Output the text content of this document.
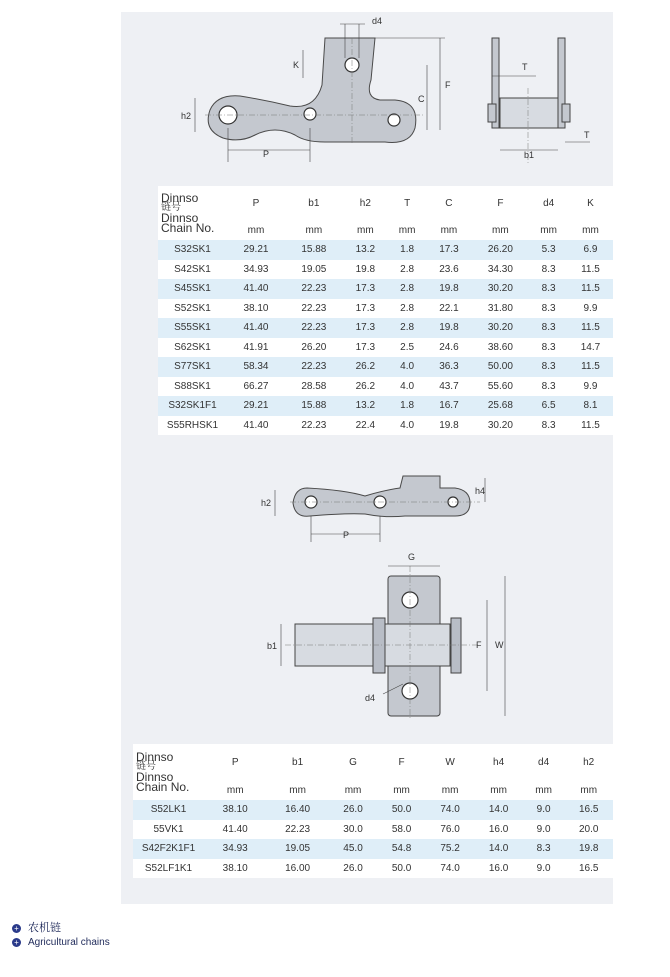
d4
K
F
C
h2
P
T
T
b1
Dinnso
链号
Dinnso
Chain No.	P	b1	h2	T	C	F	d4	K
	mm	mm	mm	mm	mm	mm	mm	mm
S32SK1	29.21	15.88	13.2	1.8	17.3	26.20	5.3	6.9
S42SK1	34.93	19.05	19.8	2.8	23.6	34.30	8.3	11.5
S45SK1	41.40	22.23	17.3	2.8	19.8	30.20	8.3	11.5
S52SK1	38.10	22.23	17.3	2.8	22.1	31.80	8.3	9.9
S55SK1	41.40	22.23	17.3	2.8	19.8	30.20	8.3	11.5
S62SK1	41.91	26.20	17.3	2.5	24.6	38.60	8.3	14.7
S77SK1	58.34	22.23	26.2	4.0	36.3	50.00	8.3	11.5
S88SK1	66.27	28.58	26.2	4.0	43.7	55.60	8.3	9.9
S32SK1F1	29.21	15.88	13.2	1.8	16.7	25.68	6.5	8.1
S55RHSK1	41.40	22.23	22.4	4.0	19.8	30.20	8.3	11.5
h2
h4
P
G
b1	F W
d4
Dinnso
链号
Dinnso
Chain No.	P	b1	G	F	W	h4	d4	h2
	mm	mm	mm	mm	mm	mm	mm	mm
S52LK1	38.10	16.40	26.0	50.0	74.0	14.0	9.0	16.5
55VK1	41.40	22.23	30.0	58.0	76.0	16.0	9.0	20.0
S42F2K1F1	34.93	19.05	45.0	54.8	75.2	14.0	8.3	19.8
S52LF1K1	38.10	16.00	26.0	50.0	74.0	16.0	9.0	16.5
+ 农机链
+ Agricultural chains
